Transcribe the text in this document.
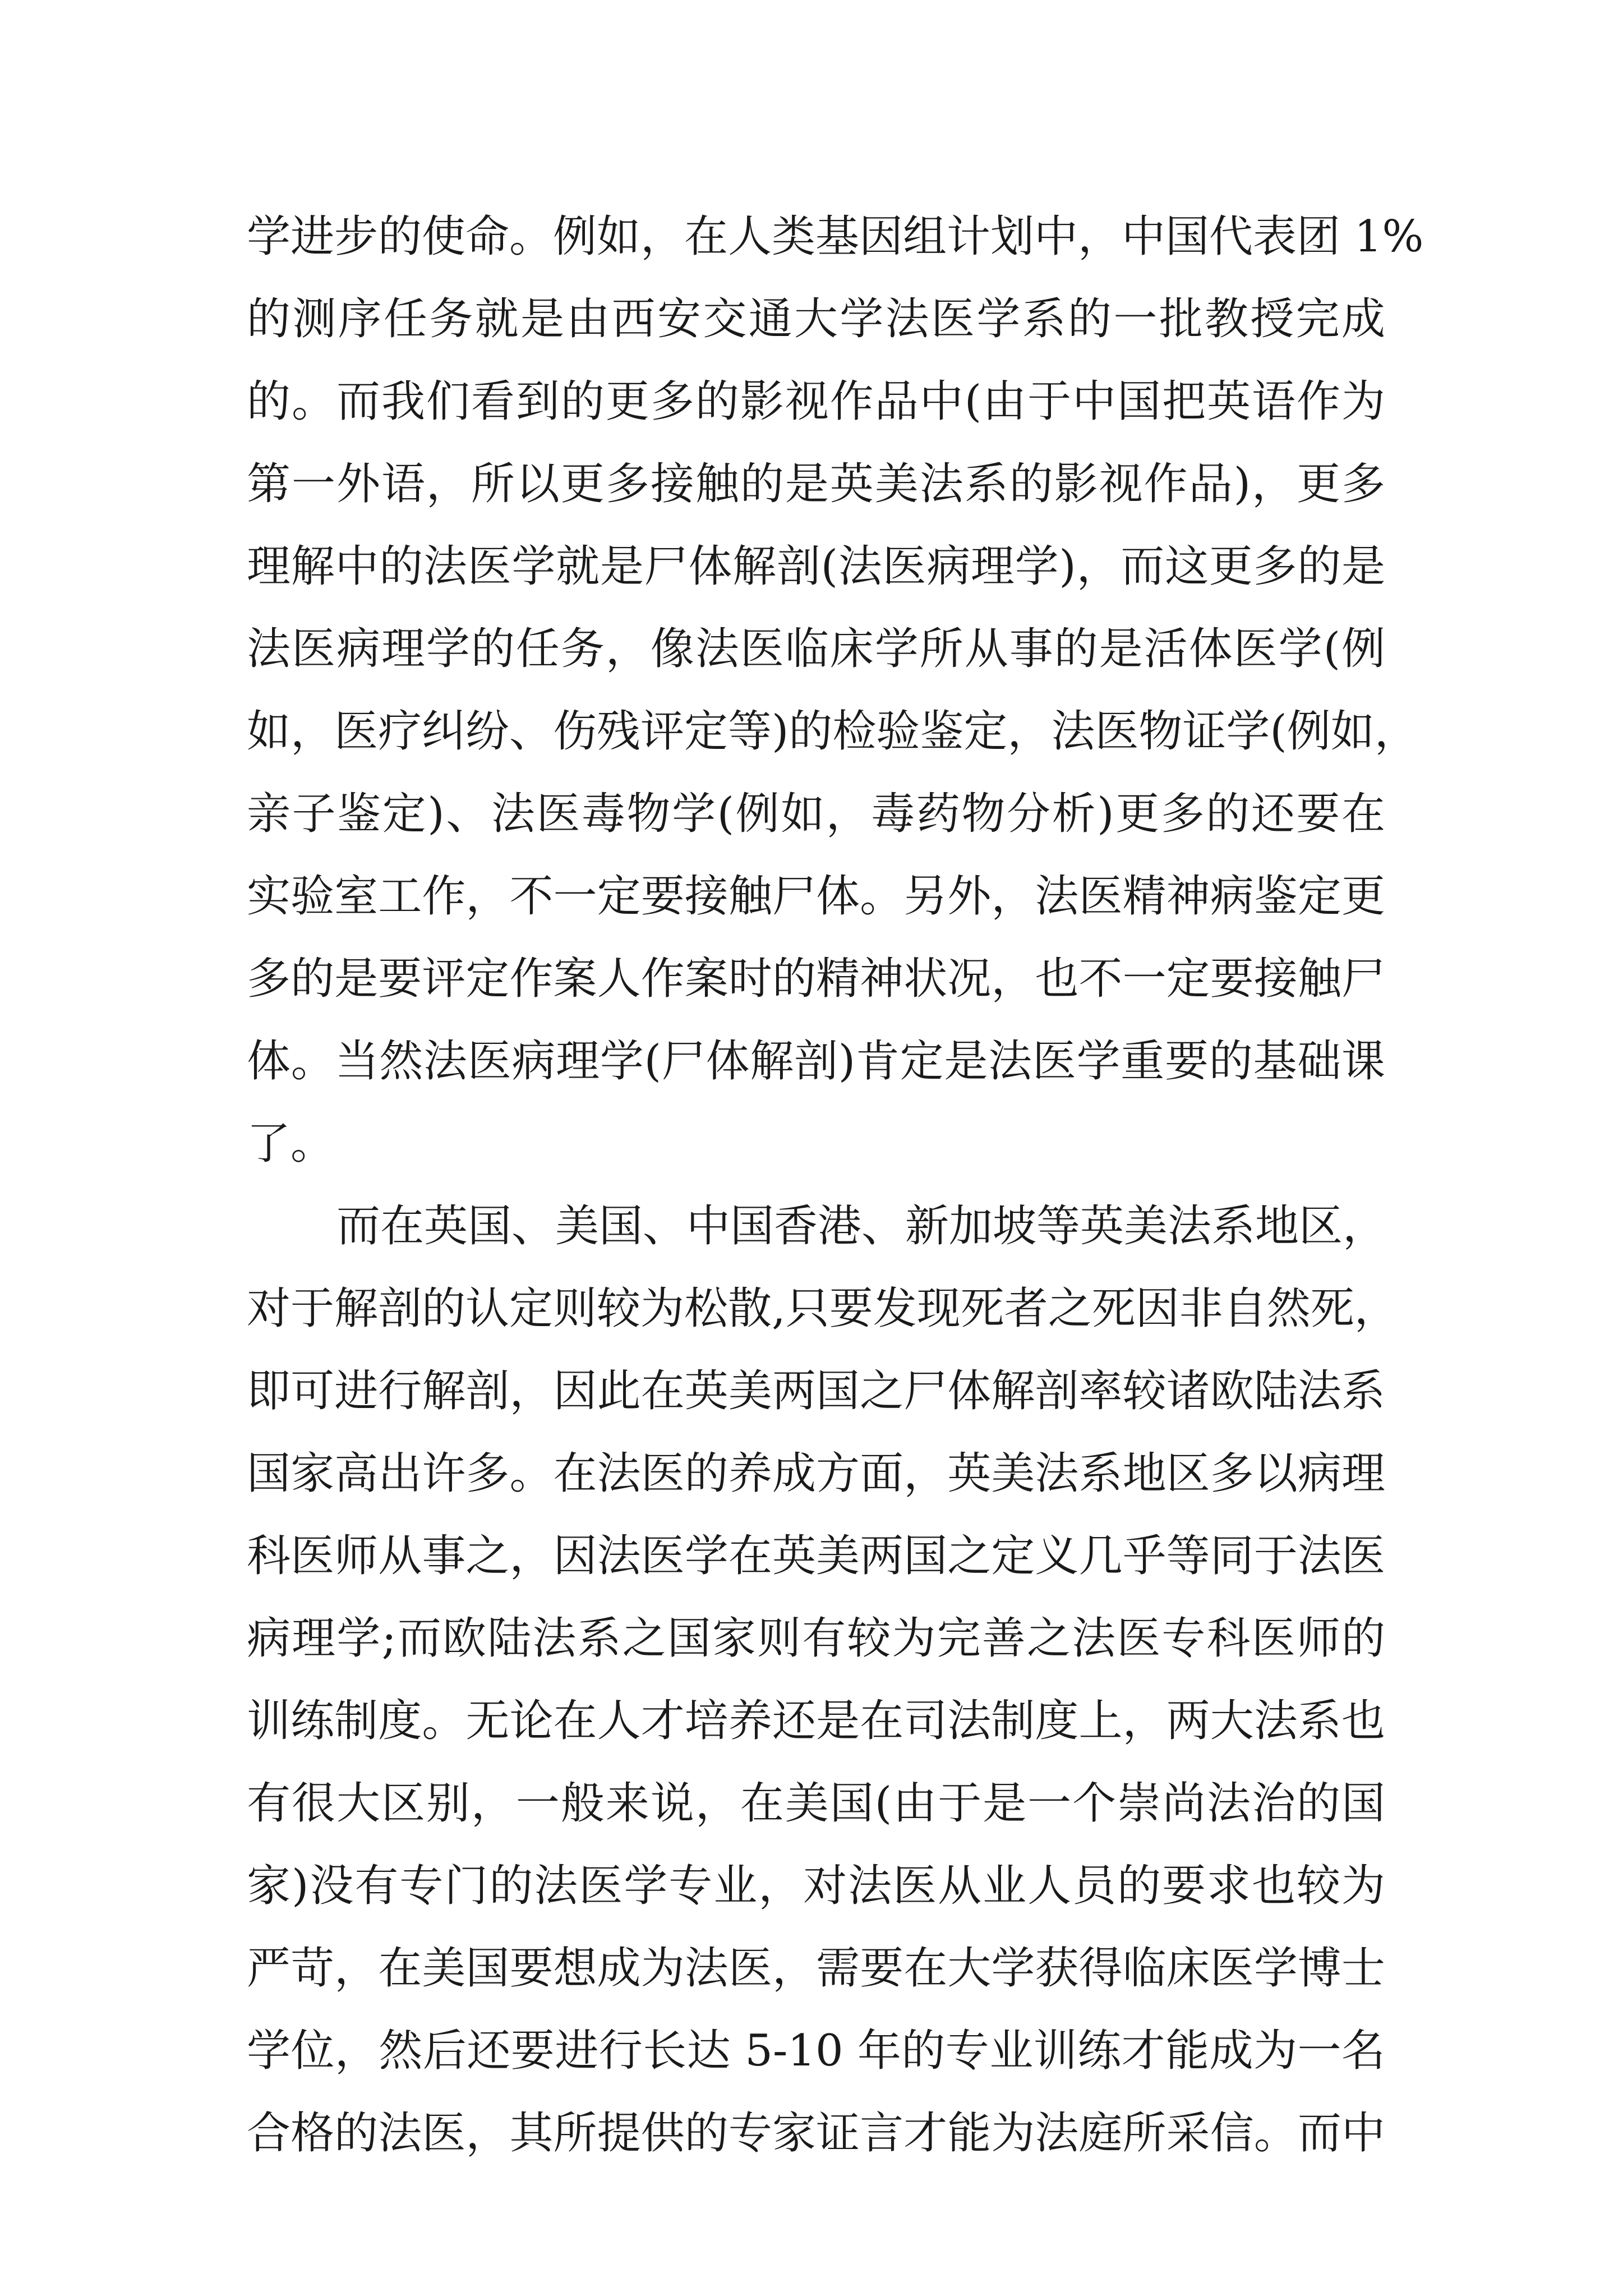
学进步的使命。例如，在人类基因组计划中，中国代表团 1%
的测序任务就是由西安交通大学法医学系的一批教授完成
的。而我们看到的更多的影视作品中(由于中国把英语作为
第一外语，所以更多接触的是英美法系的影视作品)，更多
理解中的法医学就是尸体解剖(法医病理学)，而这更多的是
法医病理学的任务，像法医临床学所从事的是活体医学(例
如，医疗纠纷、伤残评定等)的检验鉴定，法医物证学(例如，
亲子鉴定)、法医毒物学(例如，毒药物分析)更多的还要在
实验室工作，不一定要接触尸体。另外，法医精神病鉴定更
多的是要评定作案人作案时的精神状况，也不一定要接触尸
体。当然法医病理学(尸体解剖)肯定是法医学重要的基础课
了。
而在英国、美国、中国香港、新加坡等英美法系地区，
对于解剖的认定则较为松散,只要发现死者之死因非自然死，
即可进行解剖，因此在英美两国之尸体解剖率较诸欧陆法系
国家高出许多。在法医的养成方面，英美法系地区多以病理
科医师从事之，因法医学在英美两国之定义几乎等同于法医
病理学;而欧陆法系之国家则有较为完善之法医专科医师的
训练制度。无论在人才培养还是在司法制度上，两大法系也
有很大区别，一般来说，在美国(由于是一个崇尚法治的国
家)没有专门的法医学专业，对法医从业人员的要求也较为
严苛，在美国要想成为法医，需要在大学获得临床医学博士
学位，然后还要进行长达 5-10 年的专业训练才能成为一名
合格的法医，其所提供的专家证言才能为法庭所采信。而中
